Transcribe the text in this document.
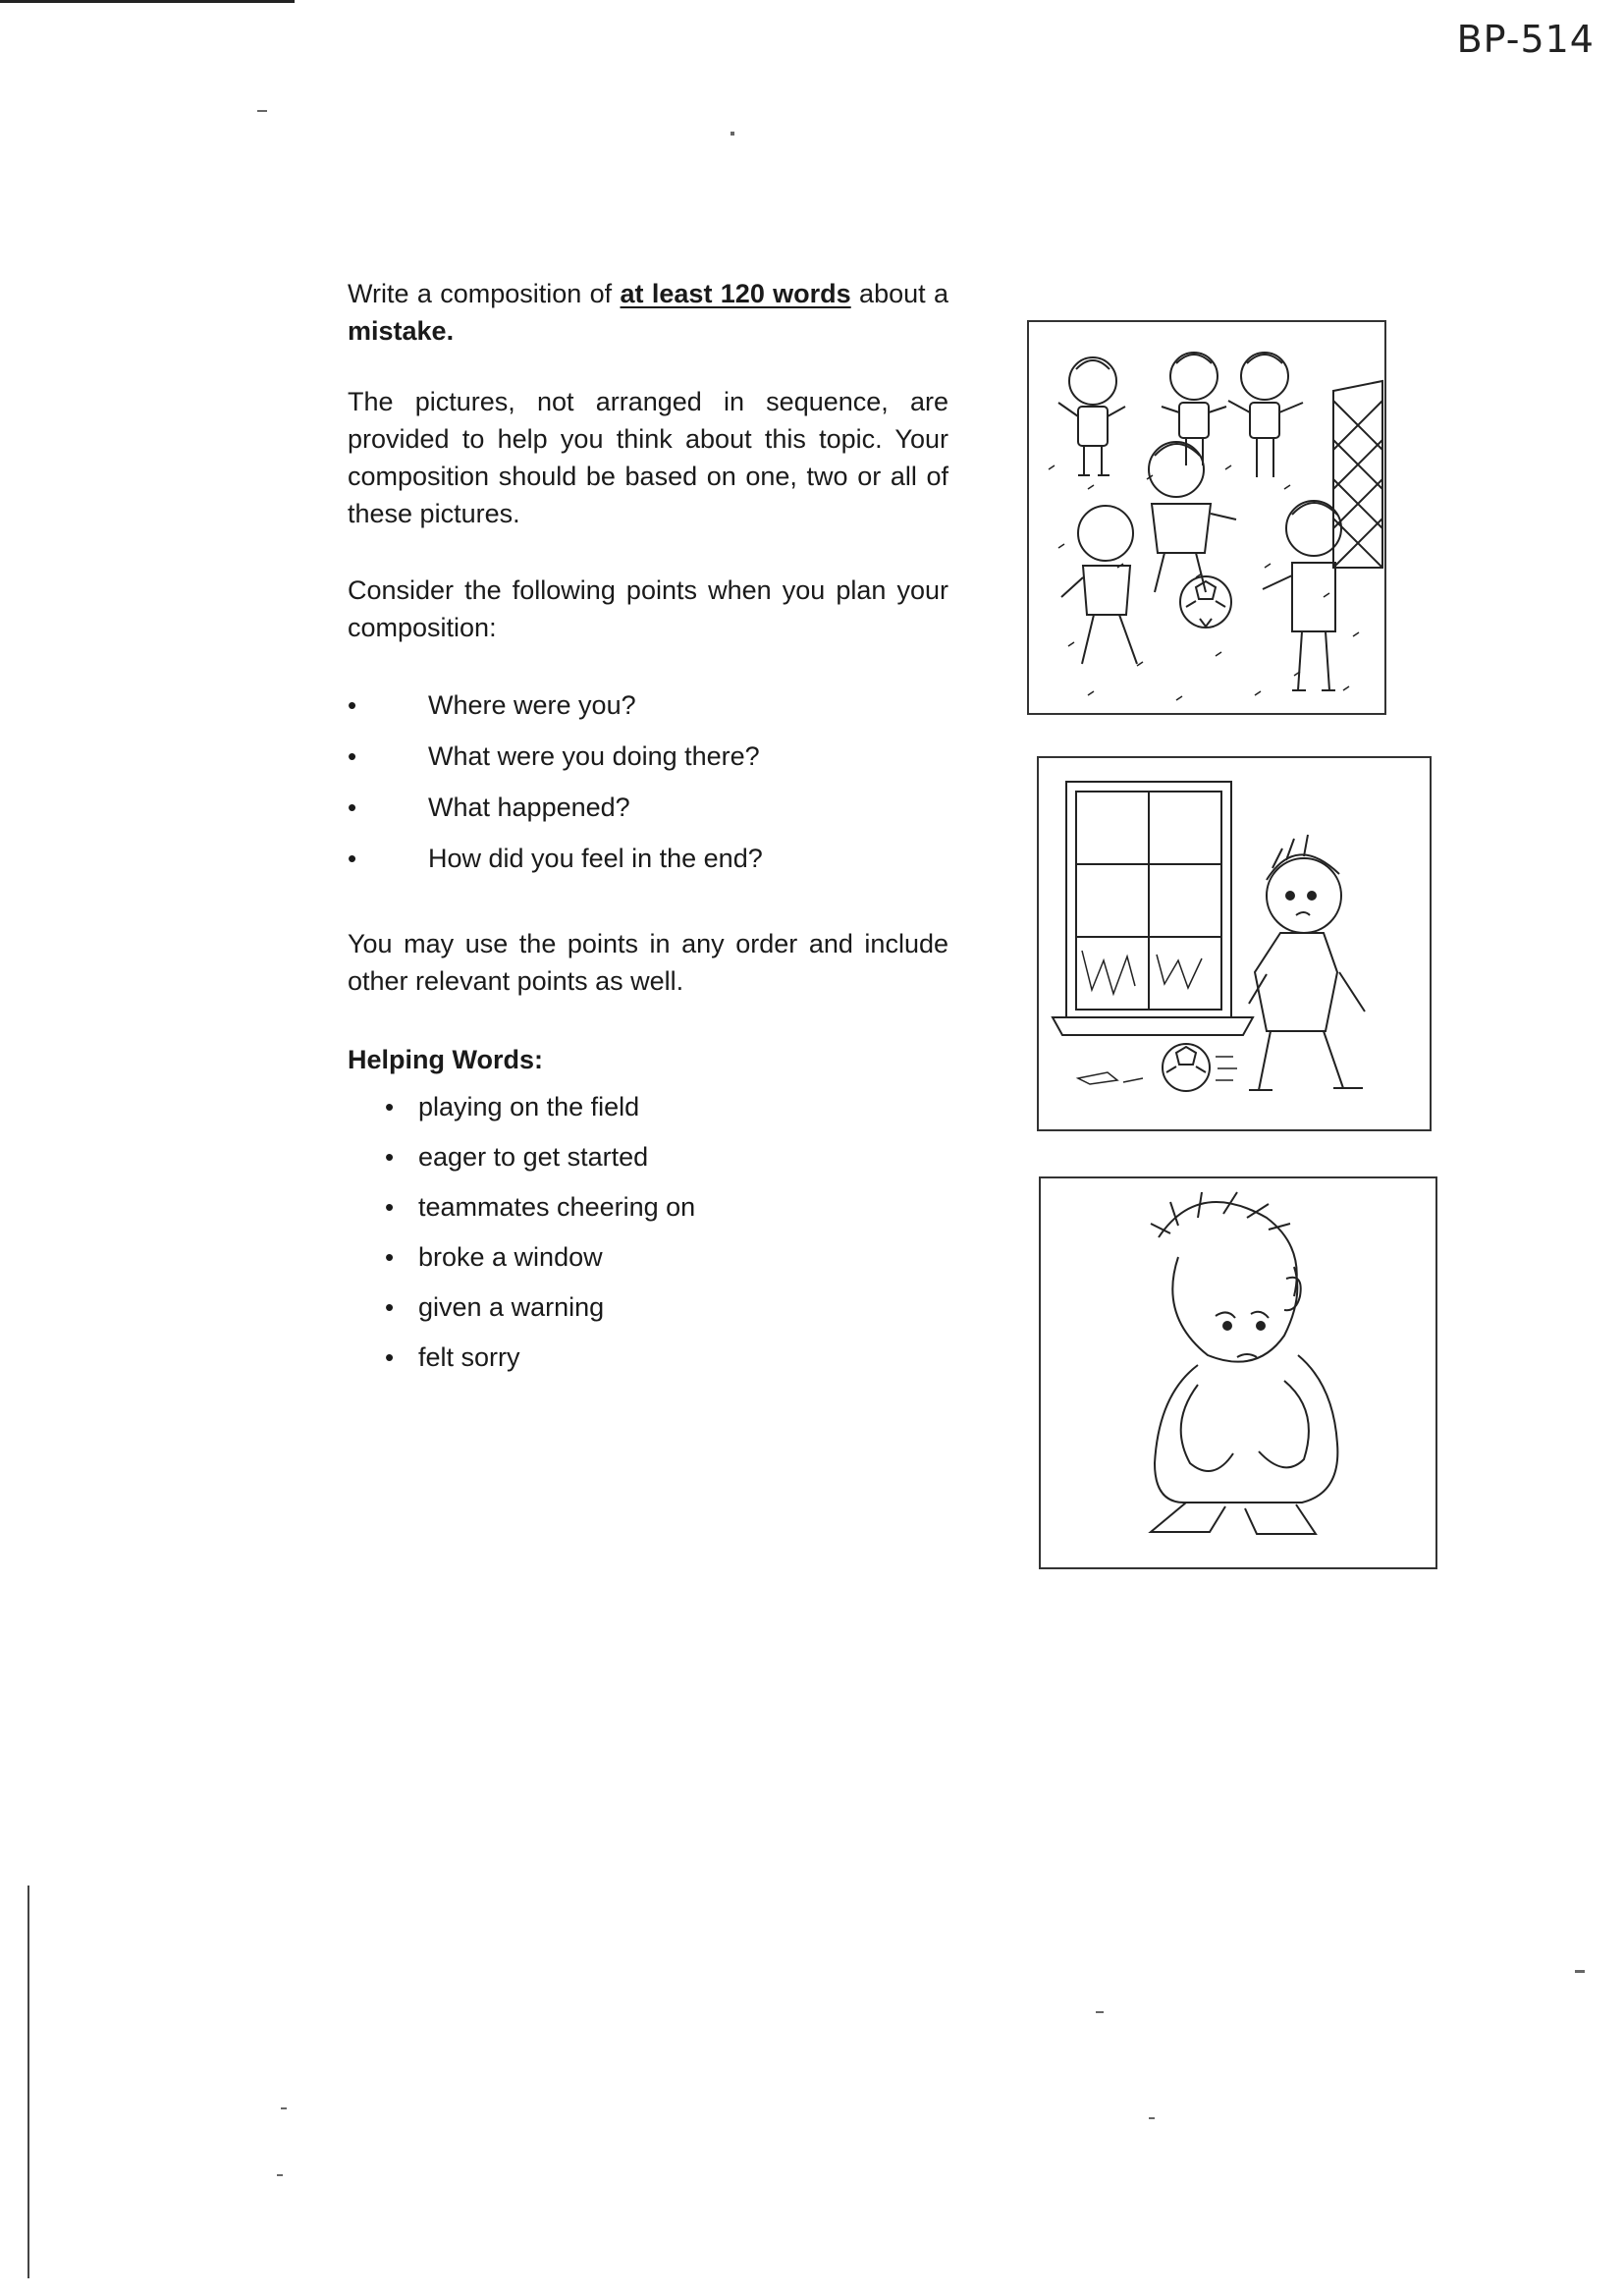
BP-514

Write a composition of at least 120 words about a mistake.

The pictures, not arranged in sequence, are provided to help you think about this topic. Your composition should be based on one, two or all of these pictures.

Consider the following points when you plan your composition:

• Where were you?
• What were you doing there?
• What happened?
• How did you feel in the end?

You may use the points in any order and include other relevant points as well.

Helping Words:

• playing on the field
• eager to get started
• teammates cheering on
• broke a window
• given a warning
• felt sorry
